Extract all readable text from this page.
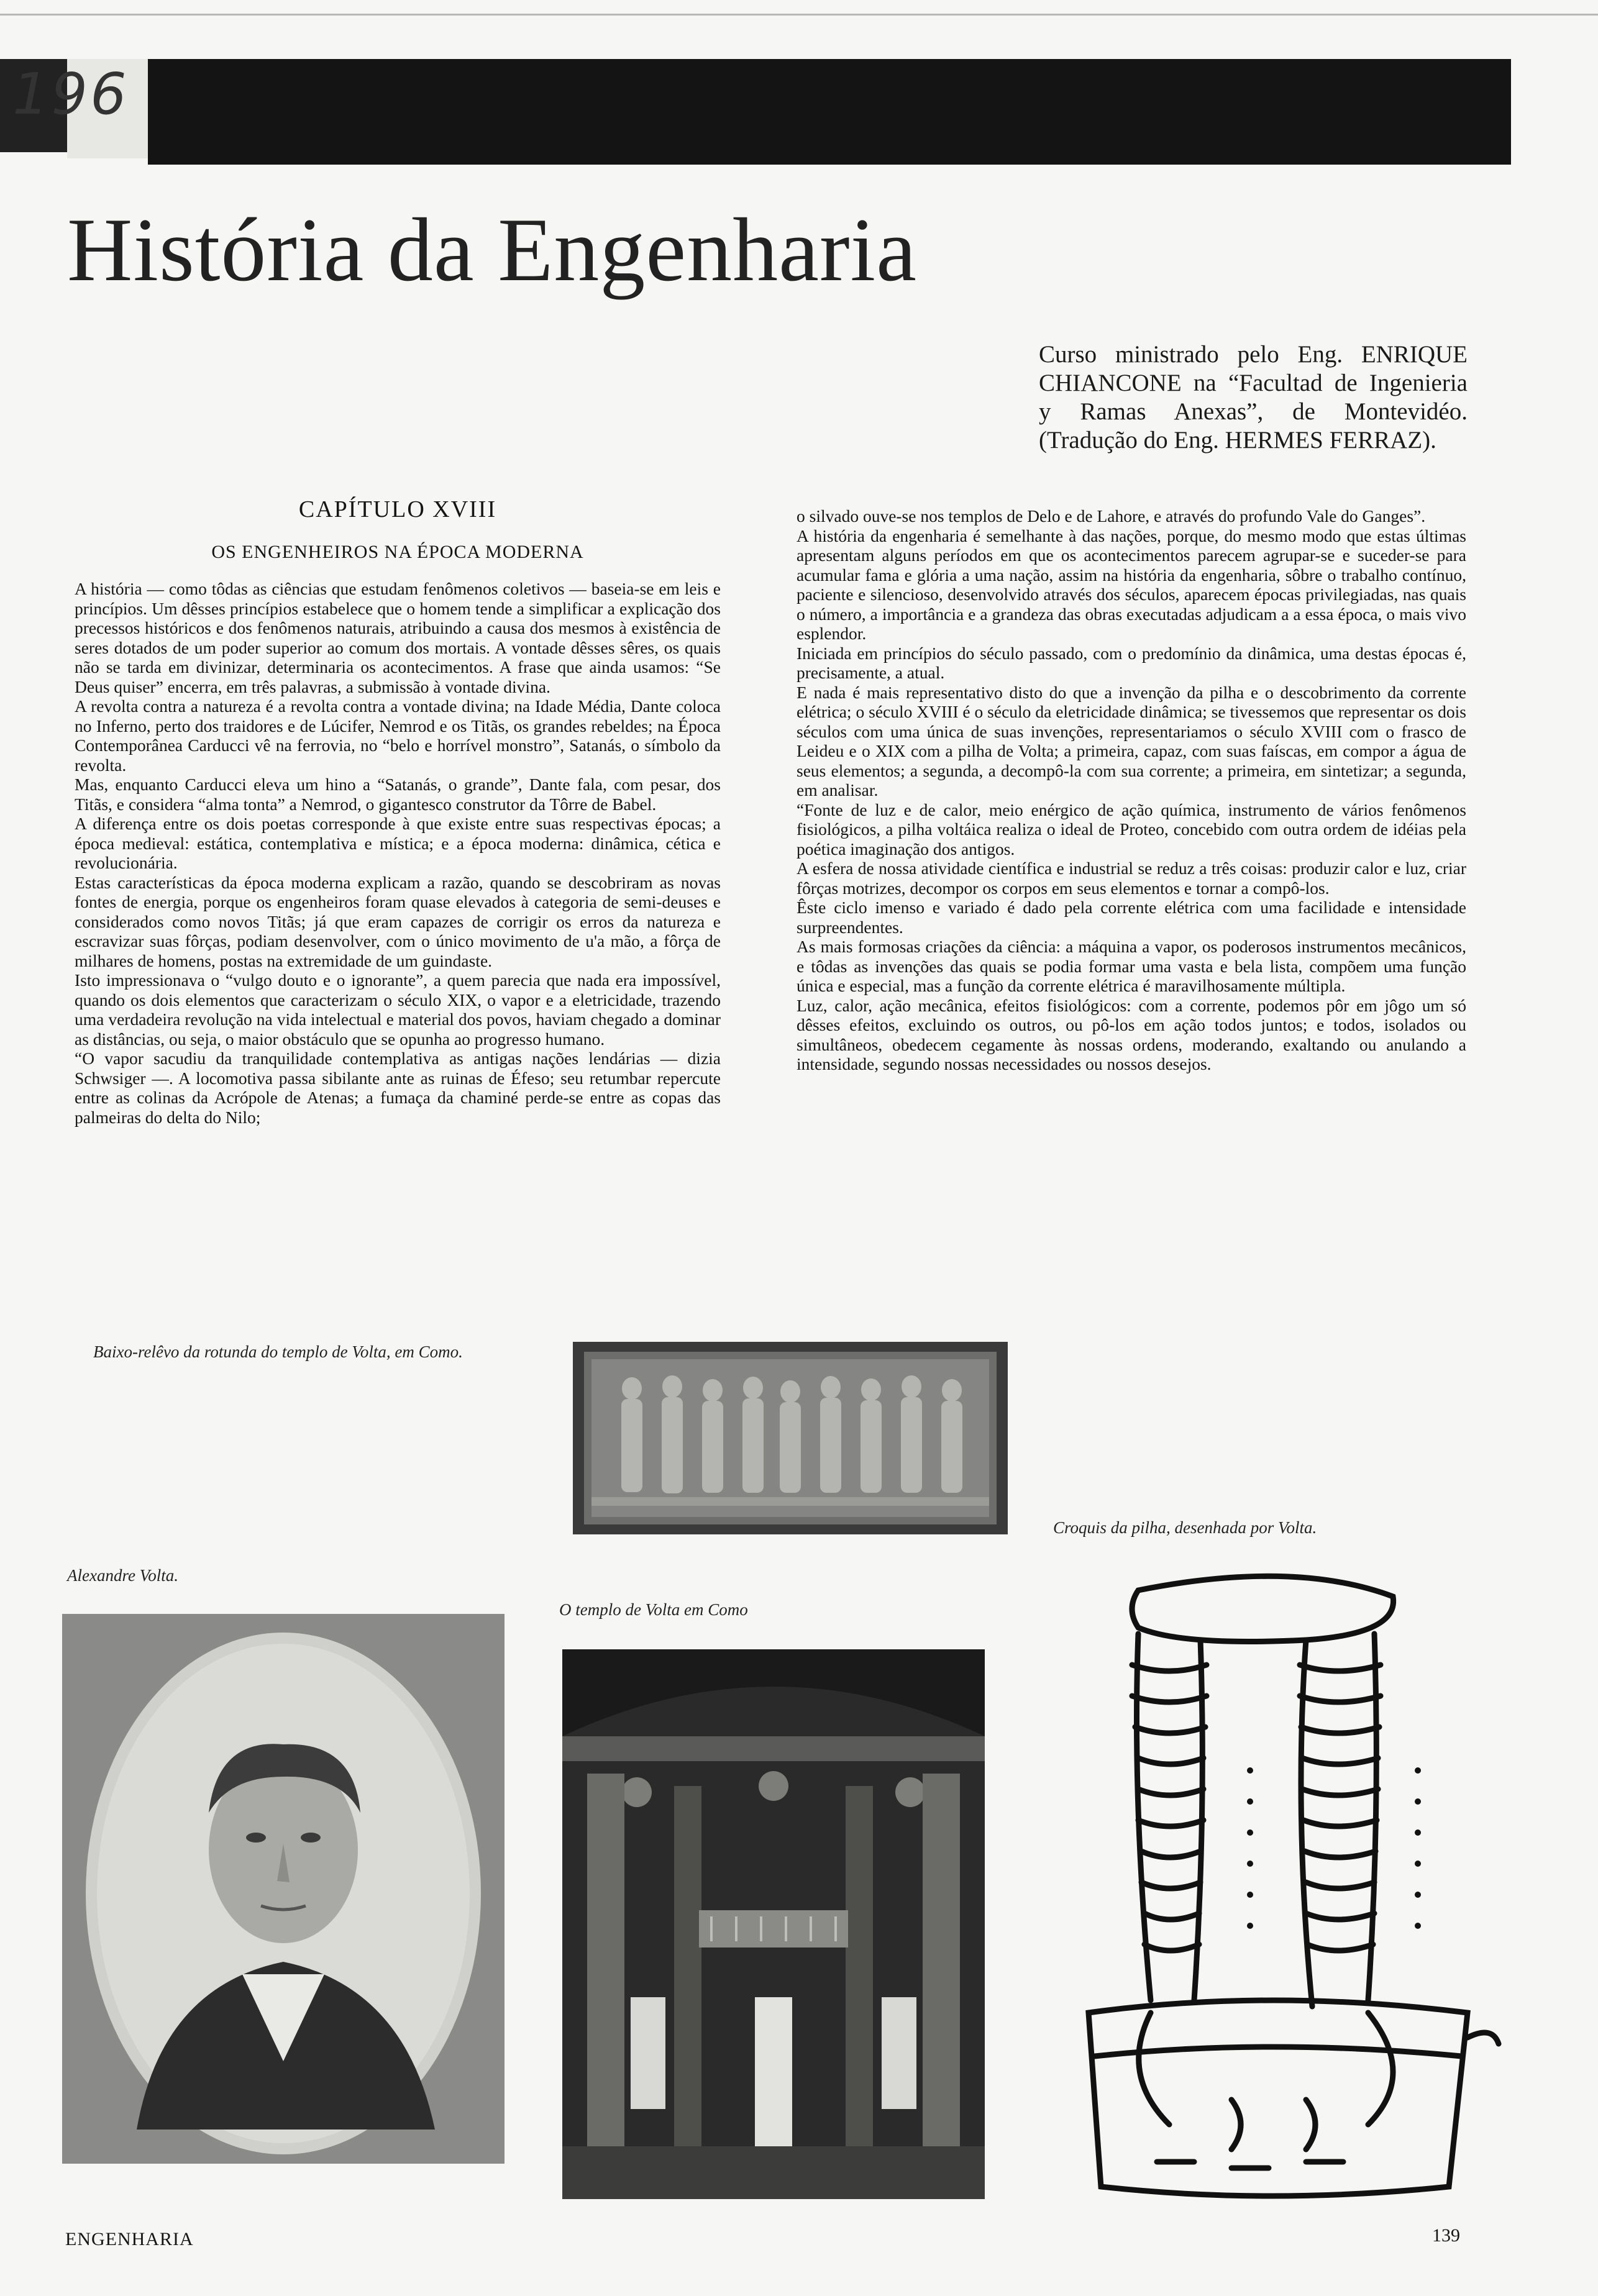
196
História da Engenharia
Curso ministrado pelo Eng. ENRIQUE
CHIANCONE na “Facultad de Ingenieria
y Ramas Anexas”, de Montevidéo.
(Tradução do Eng. HERMES FERRAZ).
CAPÍTULO XVIII
OS ENGENHEIROS NA ÉPOCA MODERNA

A história — como tôdas as ciências que estudam fenômenos coletivos — baseia-se em leis e princípios. Um dêsses princípios estabelece que o homem tende a simplificar a explicação dos precessos históricos e dos fenômenos naturais, atribuindo a causa dos mesmos à existência de seres dotados de um poder superior ao comum dos mortais. A vontade dêsses sêres, os quais não se tarda em divinizar, determinaria os acontecimentos. A frase que ainda usamos: “Se Deus quiser” encerra, em três palavras, a submissão à vontade divina.

A revolta contra a natureza é a revolta contra a vontade divina; na Idade Média, Dante coloca no Inferno, perto dos traidores e de Lúcifer, Nemrod e os Titãs, os grandes rebeldes; na Época Contemporânea Carducci vê na ferrovia, no “belo e horrível monstro”, Satanás, o símbolo da revolta.

Mas, enquanto Carducci eleva um hino a “Satanás, o grande”, Dante fala, com pesar, dos Titãs, e considera “alma tonta” a Nemrod, o gigantesco construtor da Tôrre de Babel.

A diferença entre os dois poetas corresponde à que existe entre suas respectivas épocas; a época medieval: estática, contemplativa e mística; e a época moderna: dinâmica, cética e revolucionária.

Estas características da época moderna explicam a razão, quando se descobriram as novas fontes de energia, porque os engenheiros foram quase elevados à categoria de semi-deuses e considerados como novos Titãs; já que eram capazes de corrigir os erros da natureza e escravizar suas fôrças, podiam desenvolver, com o único movimento de u'a mão, a fôrça de milhares de homens, postas na extremidade de um guindaste.

Isto impressionava o “vulgo douto e o ignorante”, a quem parecia que nada era impossível, quando os dois elementos que caracterizam o século XIX, o vapor e a eletricidade, trazendo uma verdadeira revolução na vida intelectual e material dos povos, haviam chegado a dominar as distâncias, ou seja, o maior obstáculo que se opunha ao progresso humano.

“O vapor sacudiu da tranquilidade contemplativa as antigas nações lendárias — dizia Schwsiger —. A locomotiva passa sibilante ante as ruinas de Éfeso; seu retumbar repercute entre as colinas da Acrópole de Atenas; a fumaça da chaminé perde-se entre as copas das palmeiras do delta do Nilo;

o silvado ouve-se nos templos de Delo e de Lahore, e através do profundo Vale do Ganges”.

A história da engenharia é semelhante à das nações, porque, do mesmo modo que estas últimas apresentam alguns períodos em que os acontecimentos parecem agrupar-se e suceder-se para acumular fama e glória a uma nação, assim na história da engenharia, sôbre o trabalho contínuo, paciente e silencioso, desenvolvido através dos séculos, aparecem épocas privilegiadas, nas quais o número, a importância e a grandeza das obras executadas adjudicam a a essa época, o mais vivo esplendor.

Iniciada em princípios do século passado, com o predomínio da dinâmica, uma destas épocas é, precisamente, a atual.

E nada é mais representativo disto do que a invenção da pilha e o descobrimento da corrente elétrica; o século XVIII é o século da eletricidade dinâmica; se tivessemos que representar os dois séculos com uma única de suas invenções, representariamos o século XVIII com o frasco de Leideu e o XIX com a pilha de Volta; a primeira, capaz, com suas faíscas, em compor a água de seus elementos; a segunda, a decompô-la com sua corrente; a primeira, em sintetizar; a segunda, em analisar.

“Fonte de luz e de calor, meio enérgico de ação química, instrumento de vários fenômenos fisiológicos, a pilha voltáica realiza o ideal de Proteo, concebido com outra ordem de idéias pela poética imaginação dos antigos.

A esfera de nossa atividade científica e industrial se reduz a três coisas: produzir calor e luz, criar fôrças motrizes, decompor os corpos em seus elementos e tornar a compô-los.

Êste ciclo imenso e variado é dado pela corrente elétrica com uma facilidade e intensidade surpreendentes.

As mais formosas criações da ciência: a máquina a vapor, os poderosos instrumentos mecânicos, e tôdas as invenções das quais se podia formar uma vasta e bela lista, compõem uma função única e especial, mas a função da corrente elétrica é maravilhosamente múltipla.

Luz, calor, ação mecânica, efeitos fisiológicos: com a corrente, podemos pôr em jôgo um só dêsses efeitos, excluindo os outros, ou pô-los em ação todos juntos; e todos, isolados ou simultâneos, obedecem cegamente às nossas ordens, moderando, exaltando ou anulando a intensidade, segundo nossas necessidades ou nossos desejos.

Baixo-relêvo da rotunda do templo de Volta, em Como.
Alexandre Volta.
O templo de Volta em Como
Croquis da pilha, desenhada por Volta.
ENGENHARIA	139
